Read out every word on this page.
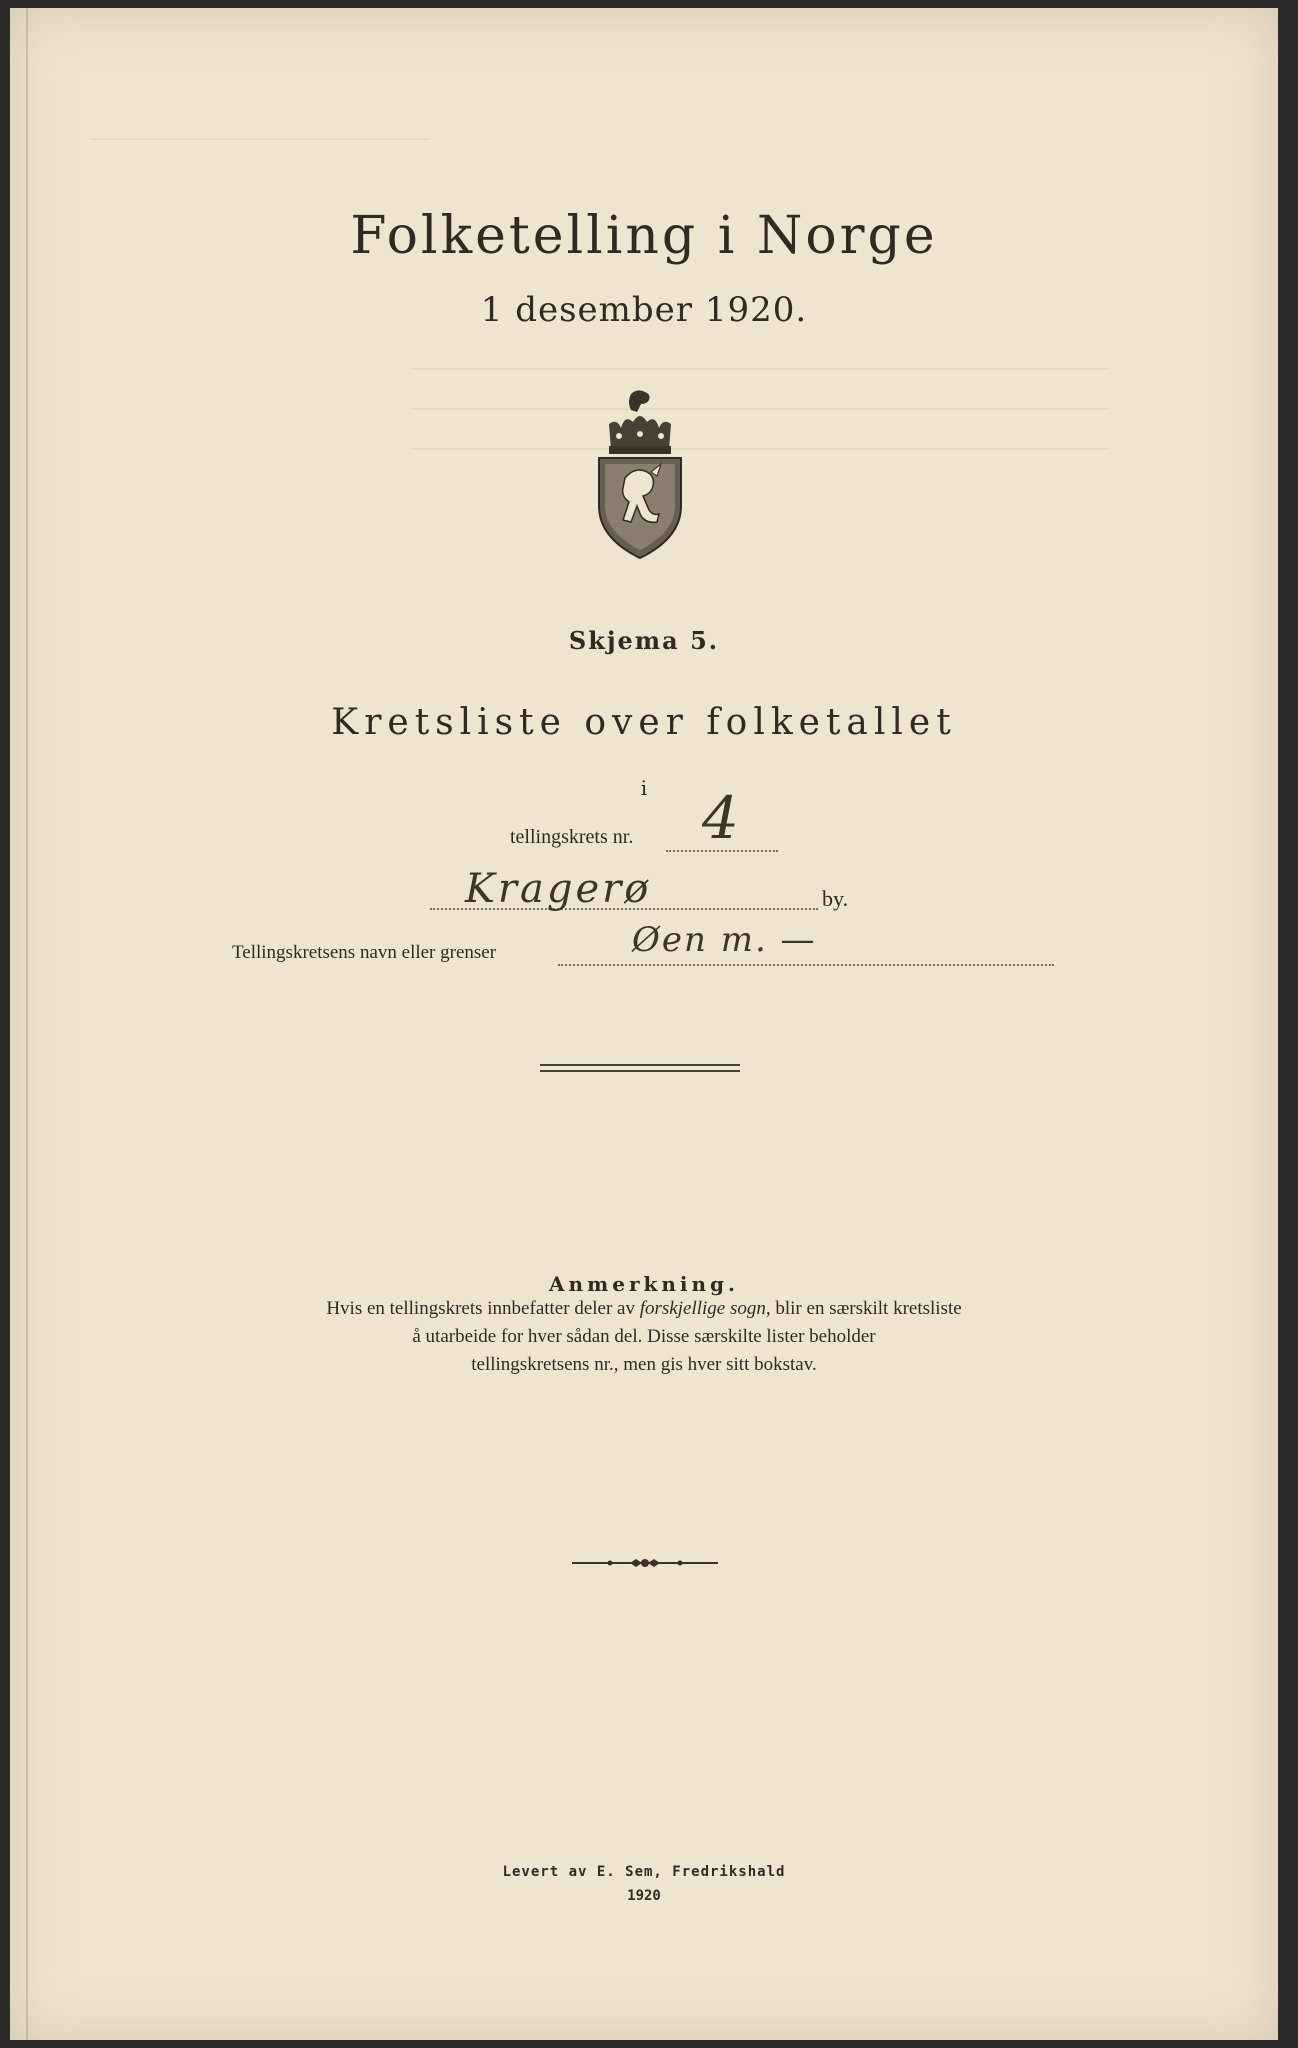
Folketelling i Norge
1 desember 1920.
Skjema 5.
Kretsliste over folketallet
i
tellingskrets nr. 4
Kragerø	by.
Tellingskretsens navn eller grenser	Øen m. —
Anmerkning.
Hvis en tellingskrets innbefatter deler av forskjellige sogn, blir en særskilt kretsliste
å utarbeide for hver sådan del. Disse særskilte lister beholder
tellingskretsens nr., men gis hver sitt bokstav.
Levert av E. Sem, Fredrikshald
1920
